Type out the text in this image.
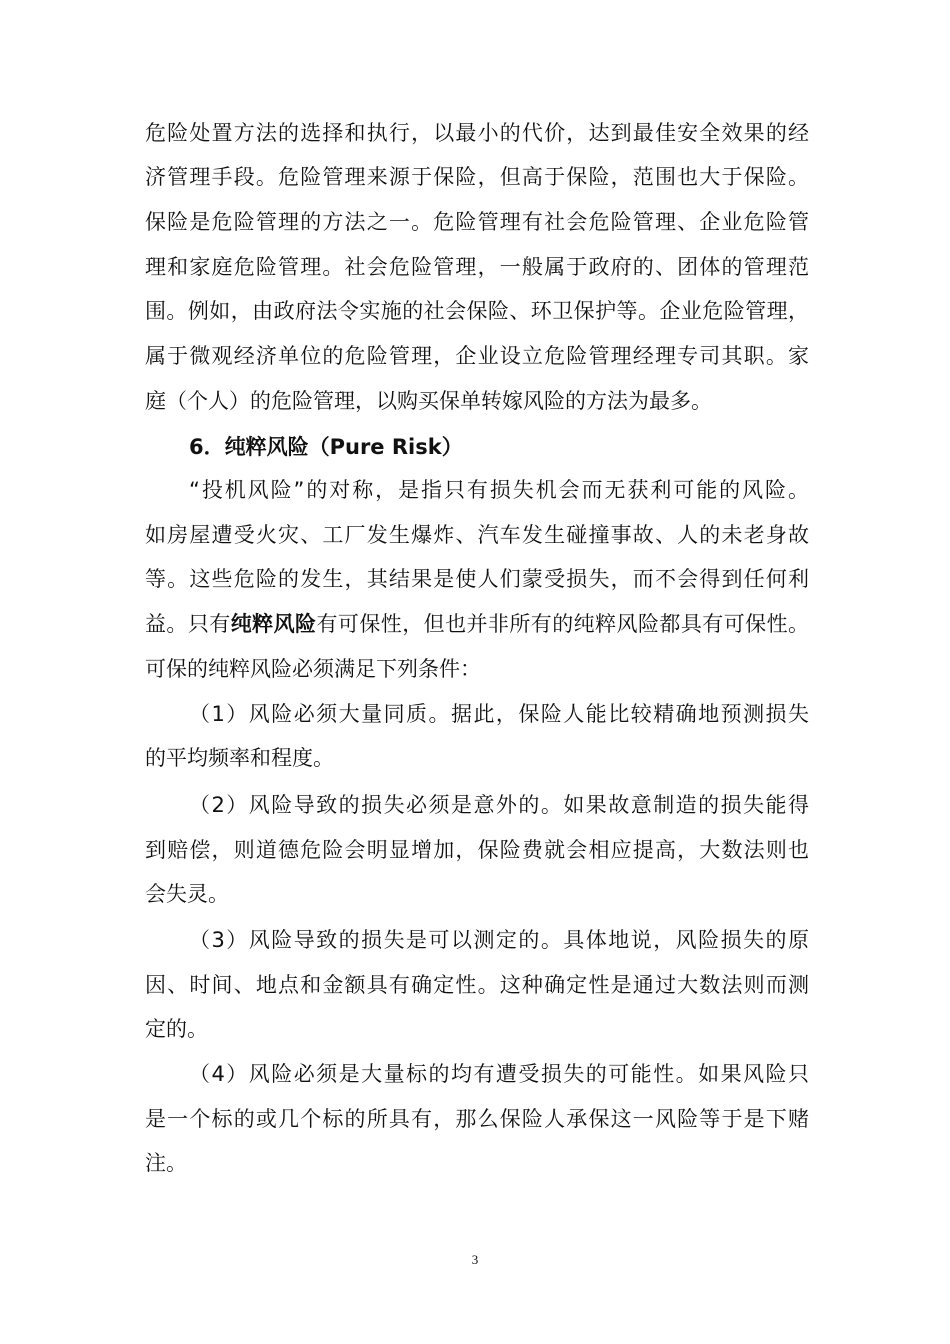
危险处置方法的选择和执行，以最小的代价，达到最佳安全效果的经
济管理手段。危险管理来源于保险，但高于保险，范围也大于保险。
保险是危险管理的方法之一。危险管理有社会危险管理、企业危险管
理和家庭危险管理。社会危险管理，一般属于政府的、团体的管理范
围。例如，由政府法令实施的社会保险、环卫保护等。企业危险管理，
属于微观经济单位的危险管理，企业设立危险管理经理专司其职。家
庭（个人）的危险管理，以购买保单转嫁风险的方法为最多。
6．纯粹风险（Pure Risk）
“投机风险”的对称，是指只有损失机会而无获利可能的风险。
如房屋遭受火灾、工厂发生爆炸、汽车发生碰撞事故、人的未老身故
等。这些危险的发生，其结果是使人们蒙受损失，而不会得到任何利
益。只有纯粹风险有可保性，但也并非所有的纯粹风险都具有可保性。
可保的纯粹风险必须满足下列条件：
（1）风险必须大量同质。据此，保险人能比较精确地预测损失
的平均频率和程度。
（2）风险导致的损失必须是意外的。如果故意制造的损失能得
到赔偿，则道德危险会明显增加，保险费就会相应提高，大数法则也
会失灵。
（3）风险导致的损失是可以测定的。具体地说，风险损失的原
因、时间、地点和金额具有确定性。这种确定性是通过大数法则而测
定的。
（4）风险必须是大量标的均有遭受损失的可能性。如果风险只
是一个标的或几个标的所具有，那么保险人承保这一风险等于是下赌
注。
3
